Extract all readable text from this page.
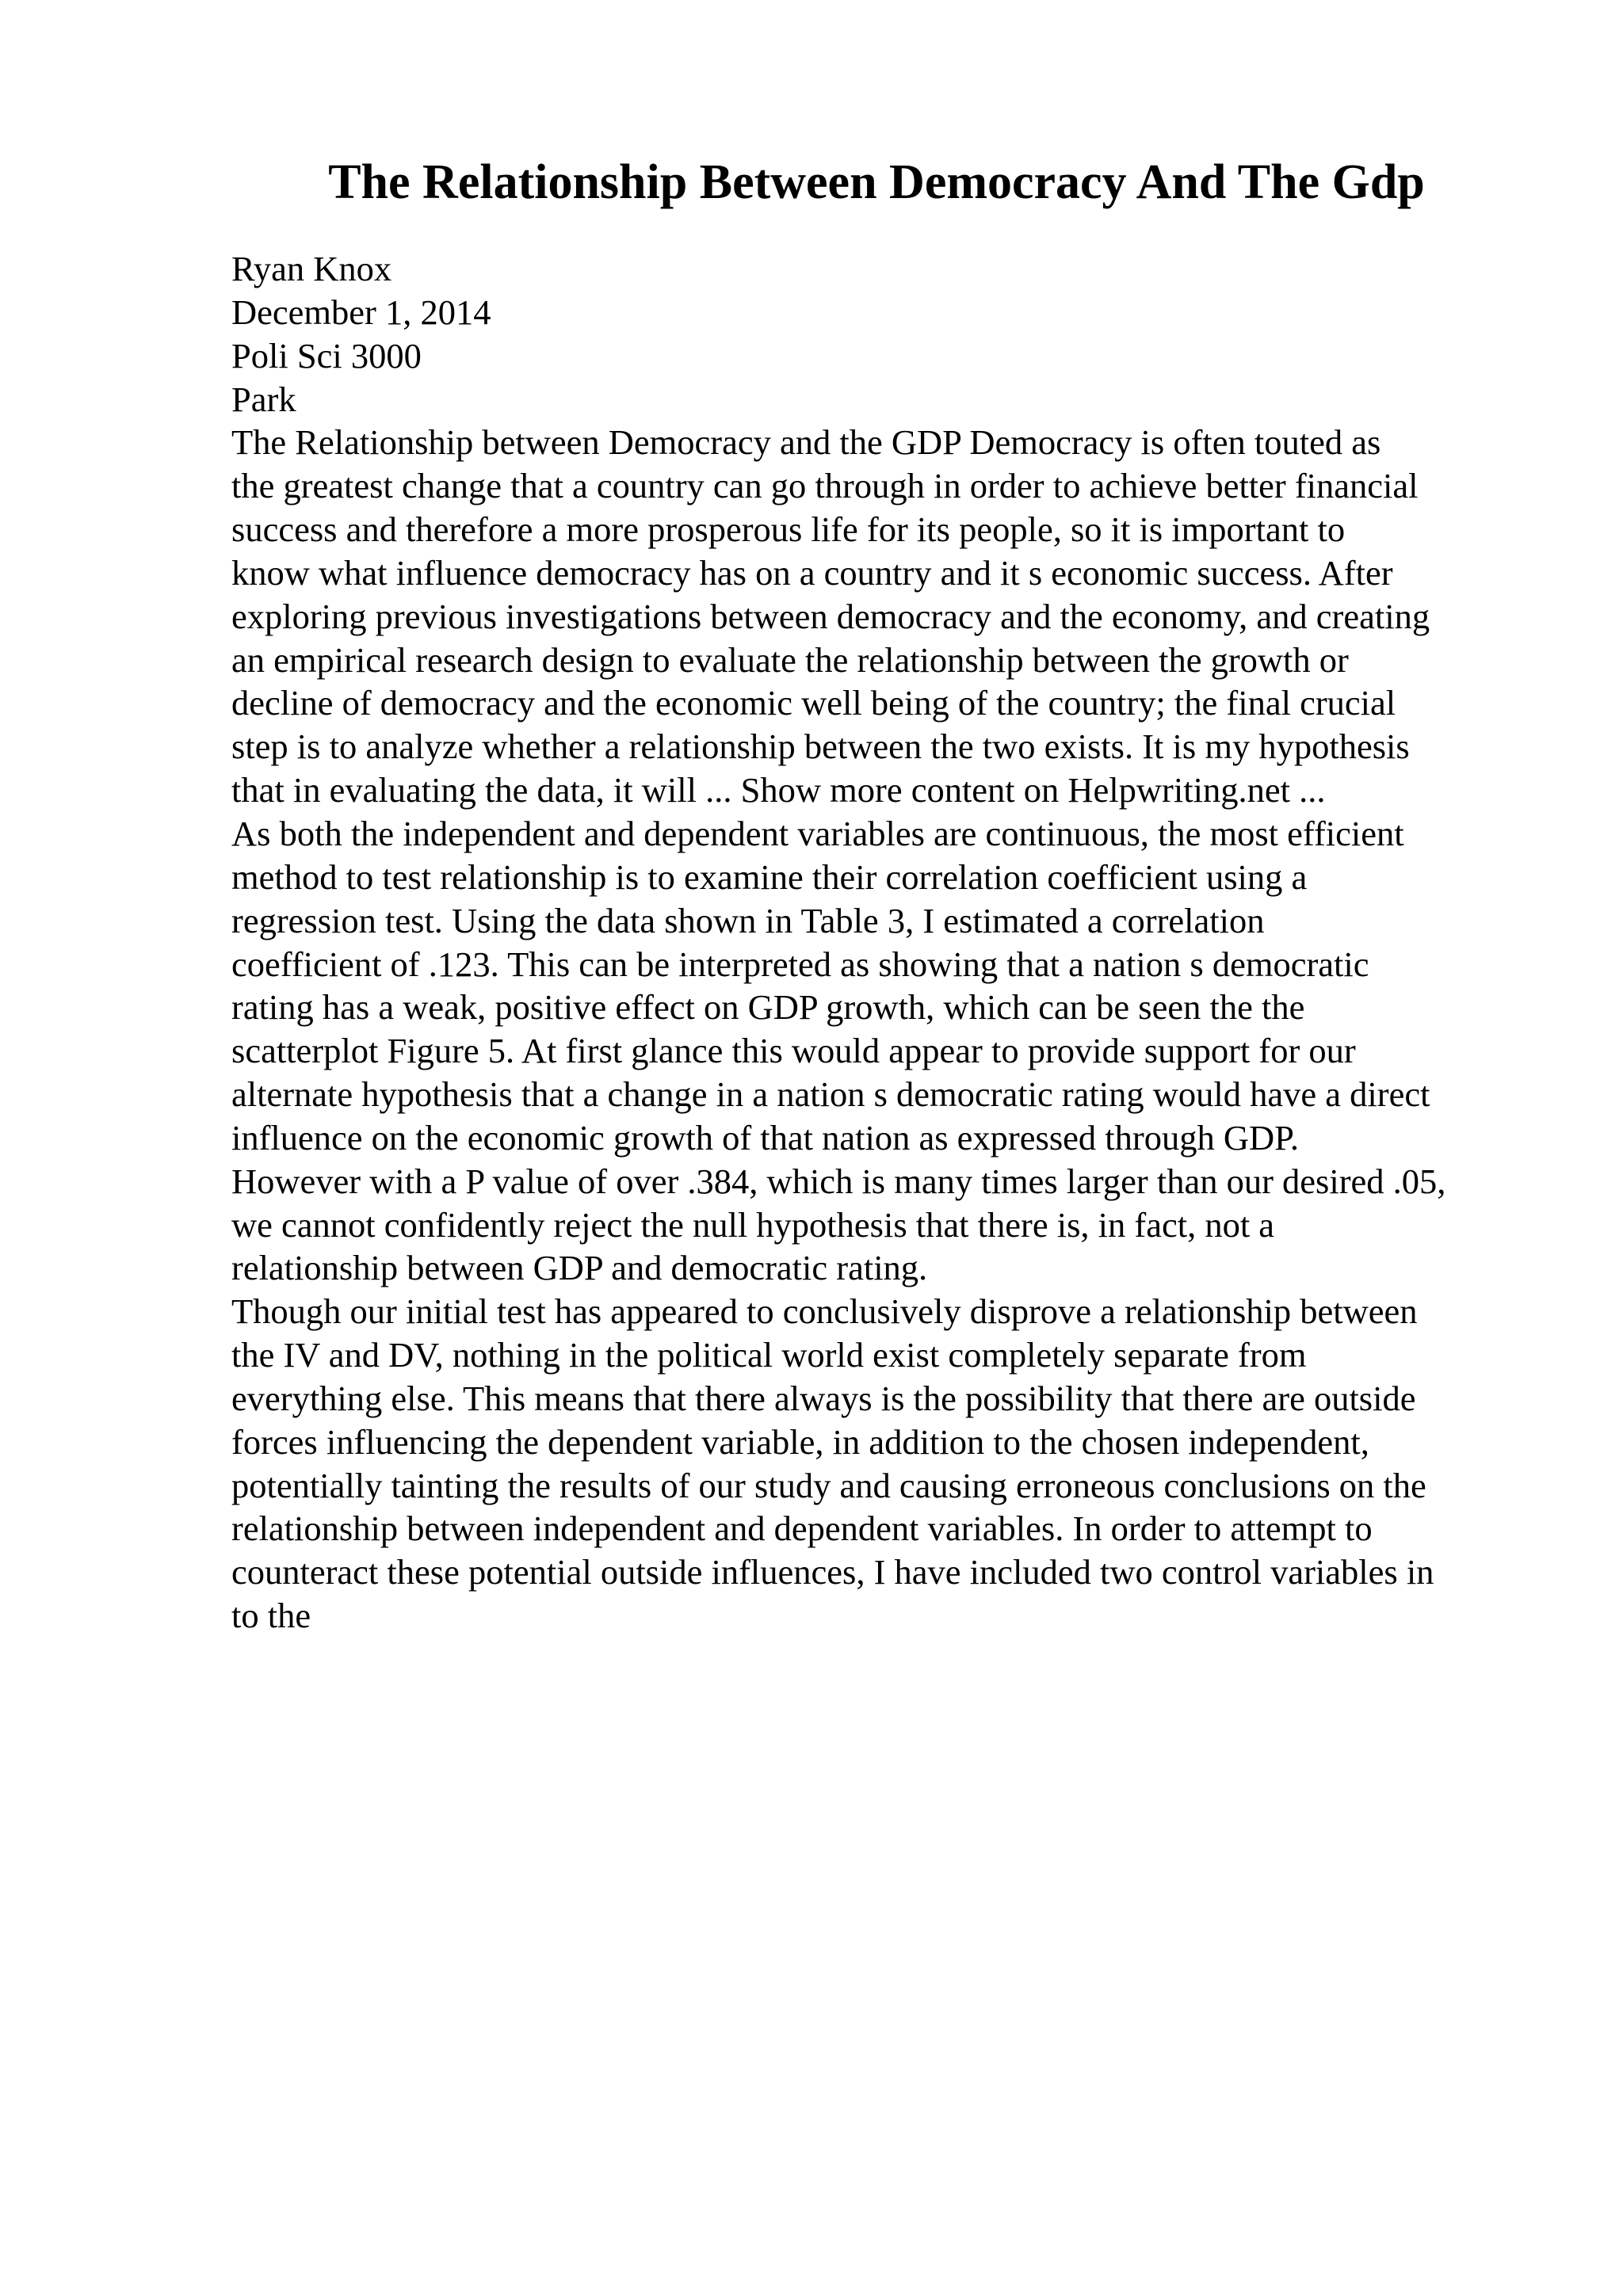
The Relationship Between Democracy And The Gdp
Ryan Knox
December 1, 2014
Poli Sci 3000
Park
The Relationship between Democracy and the GDP Democracy is often touted as
the greatest change that a country can go through in order to achieve better financial
success and therefore a more prosperous life for its people, so it is important to
know what influence democracy has on a country and it s economic success. After
exploring previous investigations between democracy and the economy, and creating
an empirical research design to evaluate the relationship between the growth or
decline of democracy and the economic well being of the country; the final crucial
step is to analyze whether a relationship between the two exists. It is my hypothesis
that in evaluating the data, it will ... Show more content on Helpwriting.net ...
As both the independent and dependent variables are continuous, the most efficient
method to test relationship is to examine their correlation coefficient using a
regression test. Using the data shown in Table 3, I estimated a correlation
coefficient of .123. This can be interpreted as showing that a nation s democratic
rating has a weak, positive effect on GDP growth, which can be seen the the
scatterplot Figure 5. At first glance this would appear to provide support for our
alternate hypothesis that a change in a nation s democratic rating would have a direct
influence on the economic growth of that nation as expressed through GDP.
However with a P value of over .384, which is many times larger than our desired .05,
we cannot confidently reject the null hypothesis that there is, in fact, not a
relationship between GDP and democratic rating.
Though our initial test has appeared to conclusively disprove a relationship between
the IV and DV, nothing in the political world exist completely separate from
everything else. This means that there always is the possibility that there are outside
forces influencing the dependent variable, in addition to the chosen independent,
potentially tainting the results of our study and causing erroneous conclusions on the
relationship between independent and dependent variables. In order to attempt to
counteract these potential outside influences, I have included two control variables in
to the
